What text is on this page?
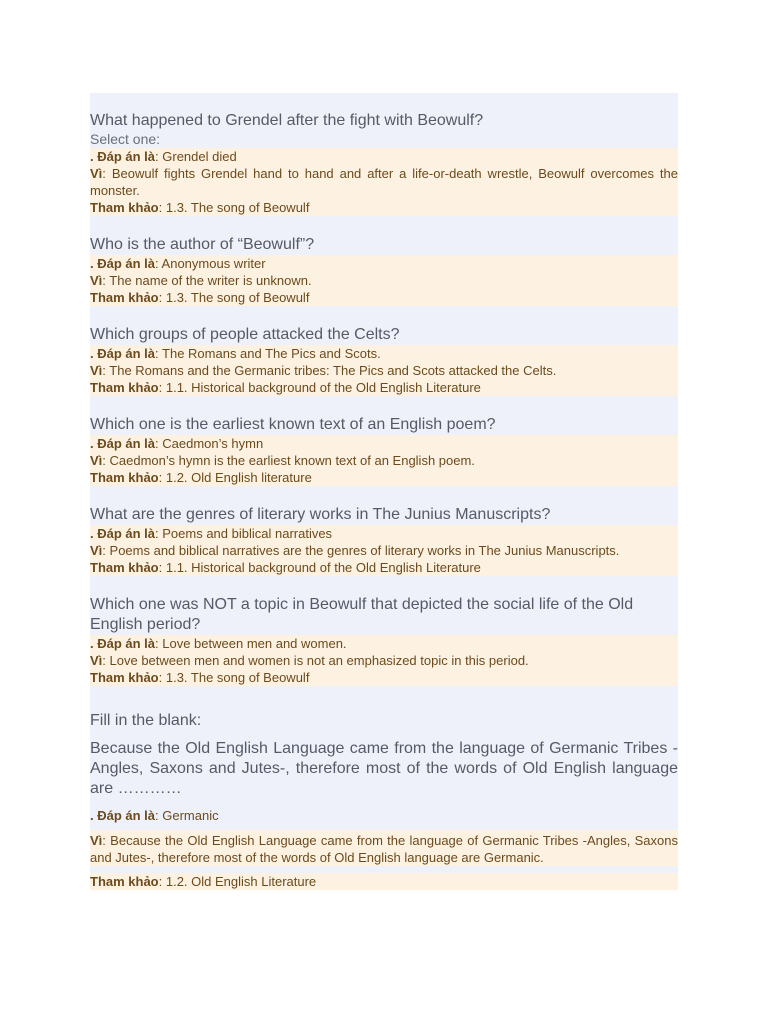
What happened to Grendel after the fight with Beowulf?
Select one:
. Đáp án là: Grendel died
Vì: Beowulf fights Grendel hand to hand and after a life-or-death wrestle, Beowulf overcomes the monster.
Tham khảo: 1.3. The song of Beowulf
Who is the author of “Beowulf”?
. Đáp án là: Anonymous writer
Vì: The name of the writer is unknown.
Tham khảo: 1.3. The song of Beowulf
Which groups of people attacked the Celts?
. Đáp án là: The Romans and The Pics and Scots.
Vì: The Romans and the Germanic tribes: The Pics and Scots attacked the Celts.
Tham khảo: 1.1. Historical background of the Old English Literature
Which one is the earliest known text of an English poem?
. Đáp án là: Caedmon’s hymn
Vì: Caedmon’s hymn is the earliest known text of an English poem.
Tham khảo: 1.2. Old English literature
What are the genres of literary works in The Junius Manuscripts?
. Đáp án là: Poems and biblical narratives
Vì: Poems and biblical narratives are the genres of literary works in The Junius Manuscripts.
Tham khảo: 1.1. Historical background of the Old English Literature
Which one was NOT a topic in Beowulf that depicted the social life of the Old English period?
. Đáp án là: Love between men and women.
Vì: Love between men and women is not an emphasized topic in this period.
Tham khảo: 1.3. The song of Beowulf
Fill in the blank:
Because the Old English Language came from the language of Germanic Tribes -Angles, Saxons and Jutes-, therefore most of the words of Old English language are …………
. Đáp án là: Germanic
Vì: Because the Old English Language came from the language of Germanic Tribes -Angles, Saxons and Jutes-, therefore most of the words of Old English language are Germanic.
Tham khảo: 1.2. Old English Literature
